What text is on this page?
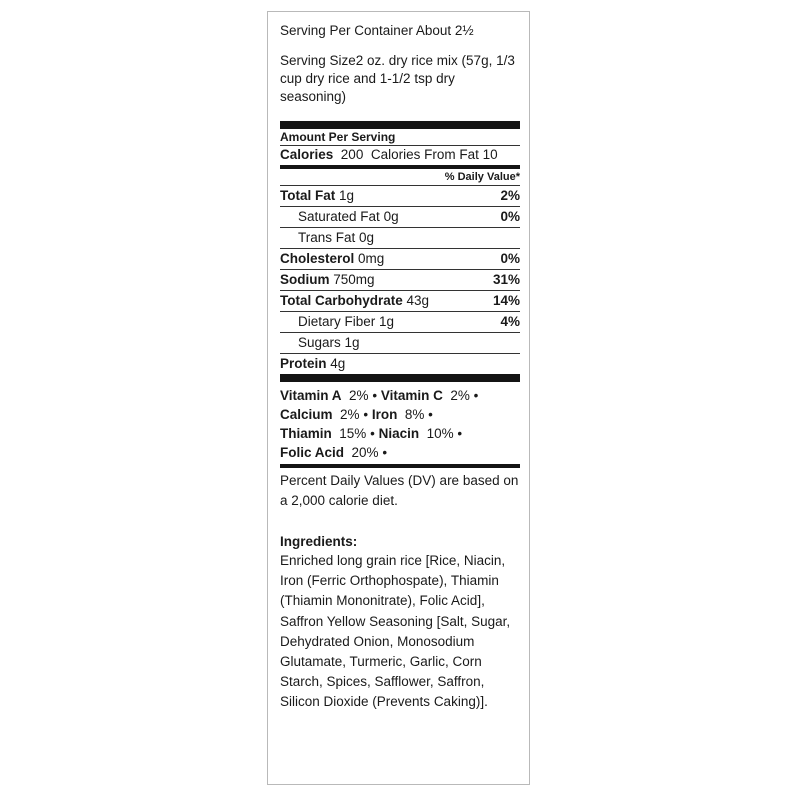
Serving Per Container About 2½

Serving Size2 oz. dry rice mix (57g, 1/3 cup dry rice and 1-1/2 tsp dry seasoning)

Amount Per Serving
Calories 200 Calories From Fat 10
% Daily Value*
Total Fat 1g	2%
Saturated Fat 0g	0%
Trans Fat 0g
Cholesterol 0mg	0%
Sodium 750mg	31%
Total Carbohydrate 43g	14%
Dietary Fiber 1g	4%
Sugars 1g
Protein 4g
Vitamin A 2% • Vitamin C 2% •
Calcium 2% • Iron 8% •
Thiamin 15% • Niacin 10% •
Folic Acid 20% •

Percent Daily Values (DV) are based on a 2,000 calorie diet.

Ingredients:

Enriched long grain rice [Rice, Niacin, Iron (Ferric Orthophospate), Thiamin (Thiamin Mononitrate), Folic Acid], Saffron Yellow Seasoning [Salt, Sugar, Dehydrated Onion, Monosodium Glutamate, Turmeric, Garlic, Corn Starch, Spices, Safflower, Saffron, Silicon Dioxide (Prevents Caking)].
